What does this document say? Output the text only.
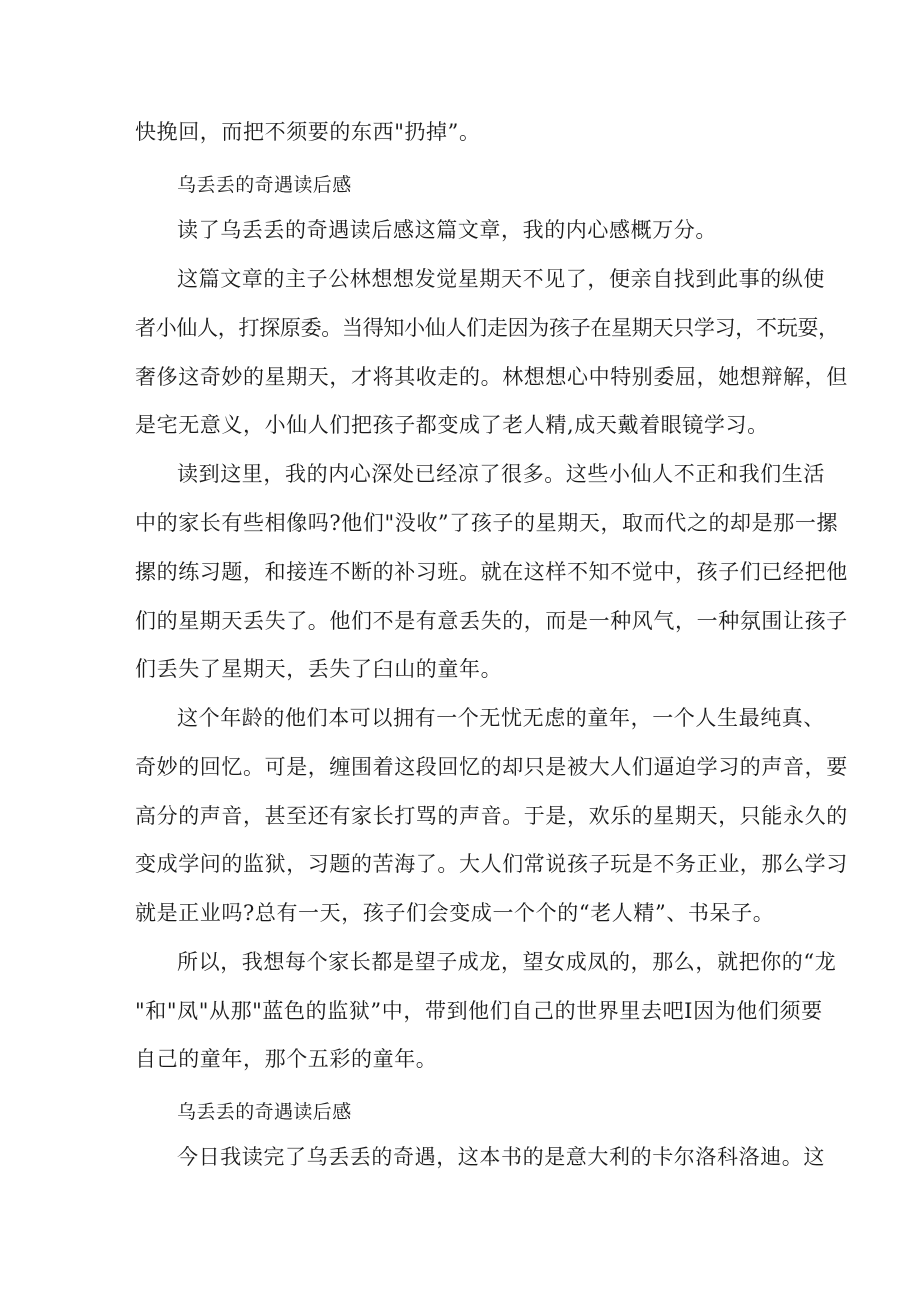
快挽回，而把不须要的东西"扔掉”。

乌丢丢的奇遇读后感

读了乌丢丢的奇遇读后感这篇文章，我的内心感概万分。

这篇文章的主子公林想想发觉星期天不见了，便亲自找到此事的纵使

者小仙人，打探原委。当得知小仙人们走因为孩子在星期天只学习，不玩耍，

奢侈这奇妙的星期天，才将其收走的。林想想心中特别委屈，她想辩解，但

是宅无意义，小仙人们把孩子都变成了老人精,成天戴着眼镜学习。

读到这里，我的内心深处已经凉了很多。这些小仙人不正和我们生活

中的家长有些相像吗?他们"没收”了孩子的星期天，取而代之的却是那一摞

摞的练习题，和接连不断的补习班。就在这样不知不觉中，孩子们已经把他

们的星期天丢失了。他们不是有意丢失的，而是一种风气，一种氛围让孩子

们丢失了星期天，丢失了臼山的童年。

这个年龄的他们本可以拥有一个无忧无虑的童年，一个人生最纯真、

奇妙的回忆。可是，缠围着这段回忆的却只是被大人们逼迫学习的声音，要

高分的声音，甚至还有家长打骂的声音。于是，欢乐的星期天，只能永久的

变成学问的监狱，习题的苦海了。大人们常说孩子玩是不务正业，那么学习

就是正业吗?总有一天，孩子们会变成一个个的“老人精”、书呆子。

所以，我想每个家长都是望子成龙，望女成凤的，那么，就把你的“龙

"和"凤"从那"蓝色的监狱”中，带到他们自己的世界里去吧I因为他们须要

自己的童年，那个五彩的童年。

乌丢丢的奇遇读后感

今日我读完了乌丢丢的奇遇，这本书的是意大利的卡尔洛科洛迪。这
